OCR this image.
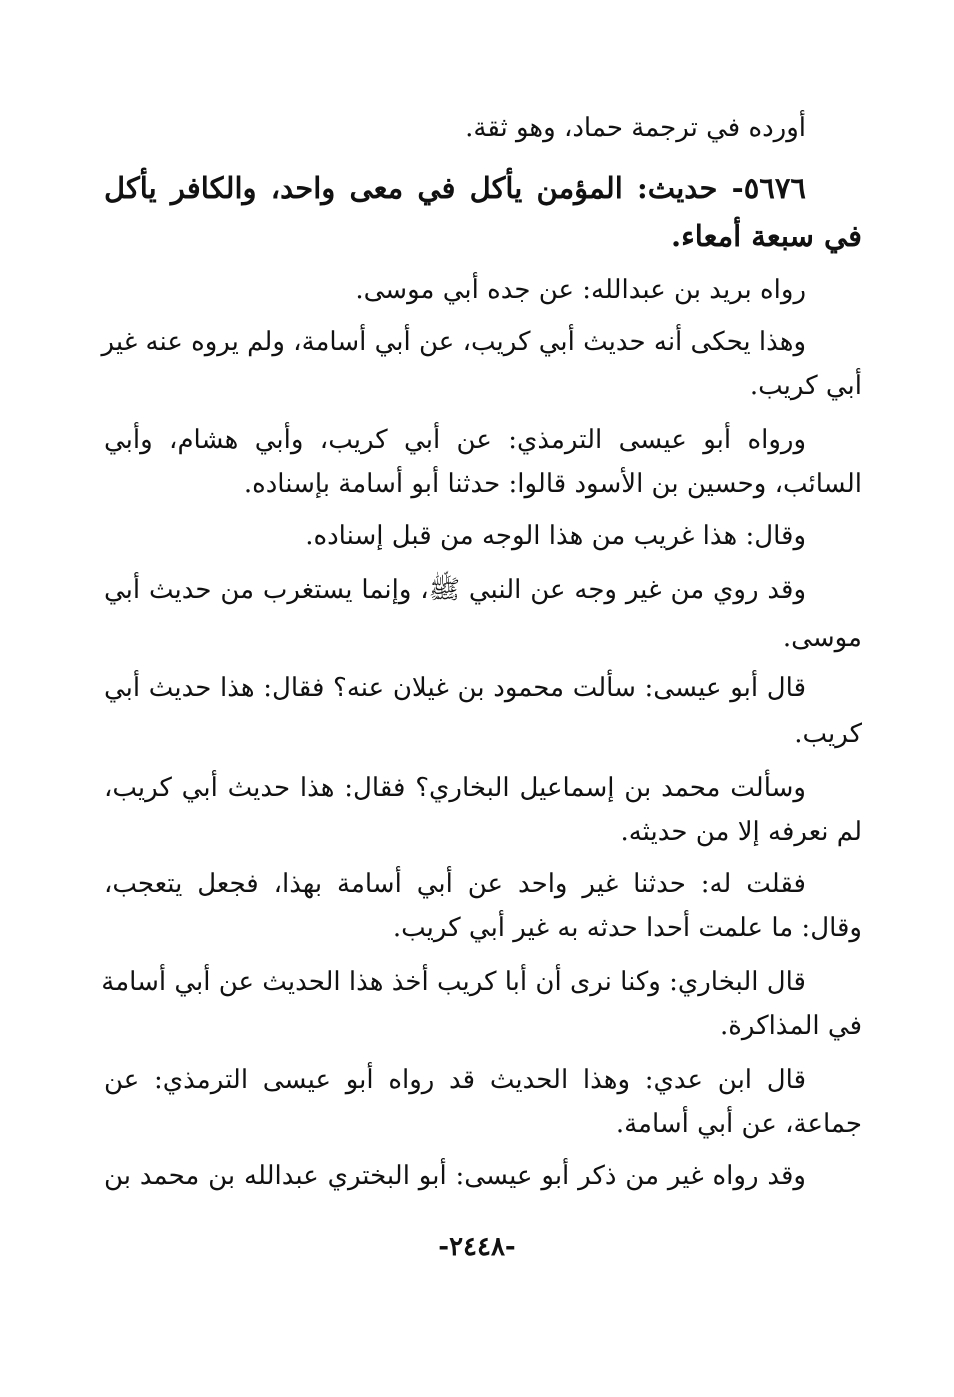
أورده في ترجمة حماد، وهو ثقة.
٥٦٧٦- حديث: المؤمن يأكل في معى واحد، والكافر يأكل
في سبعة أمعاء.
رواه بريد بن عبدالله: عن جده أبي موسى.
وهذا يحكى أنه حديث أبي كريب، عن أبي أسامة، ولم يروه عنه غير
أبي كريب.
ورواه أبو عيسى الترمذي: عن أبي كريب، وأبي هشام، وأبي
السائب، وحسين بن الأسود قالوا: حدثنا أبو أسامة بإسناده.
وقال: هذا غريب من هذا الوجه من قبل إسناده.
وقد روي من غير وجه عن النبي ﷺ، وإنما يستغرب من حديث أبي
موسى.
قال أبو عيسى: سألت محمود بن غيلان عنه؟ فقال: هذا حديث أبي
كريب.
وسألت محمد بن إسماعيل البخاري؟ فقال: هذا حديث أبي كريب،
لم نعرفه إلا من حديثه.
فقلت له: حدثنا غير واحد عن أبي أسامة بهذا، فجعل يتعجب،
وقال: ما علمت أحدا حدثه به غير أبي كريب.
قال البخاري: وكنا نرى أن أبا كريب أخذ هذا الحديث عن أبي أسامة
في المذاكرة.
قال ابن عدي: وهذا الحديث قد رواه أبو عيسى الترمذي: عن
جماعة، عن أبي أسامة.
وقد رواه غير من ذكر أبو عيسى: أبو البختري عبدالله بن محمد بن
-٢٤٤٨-
